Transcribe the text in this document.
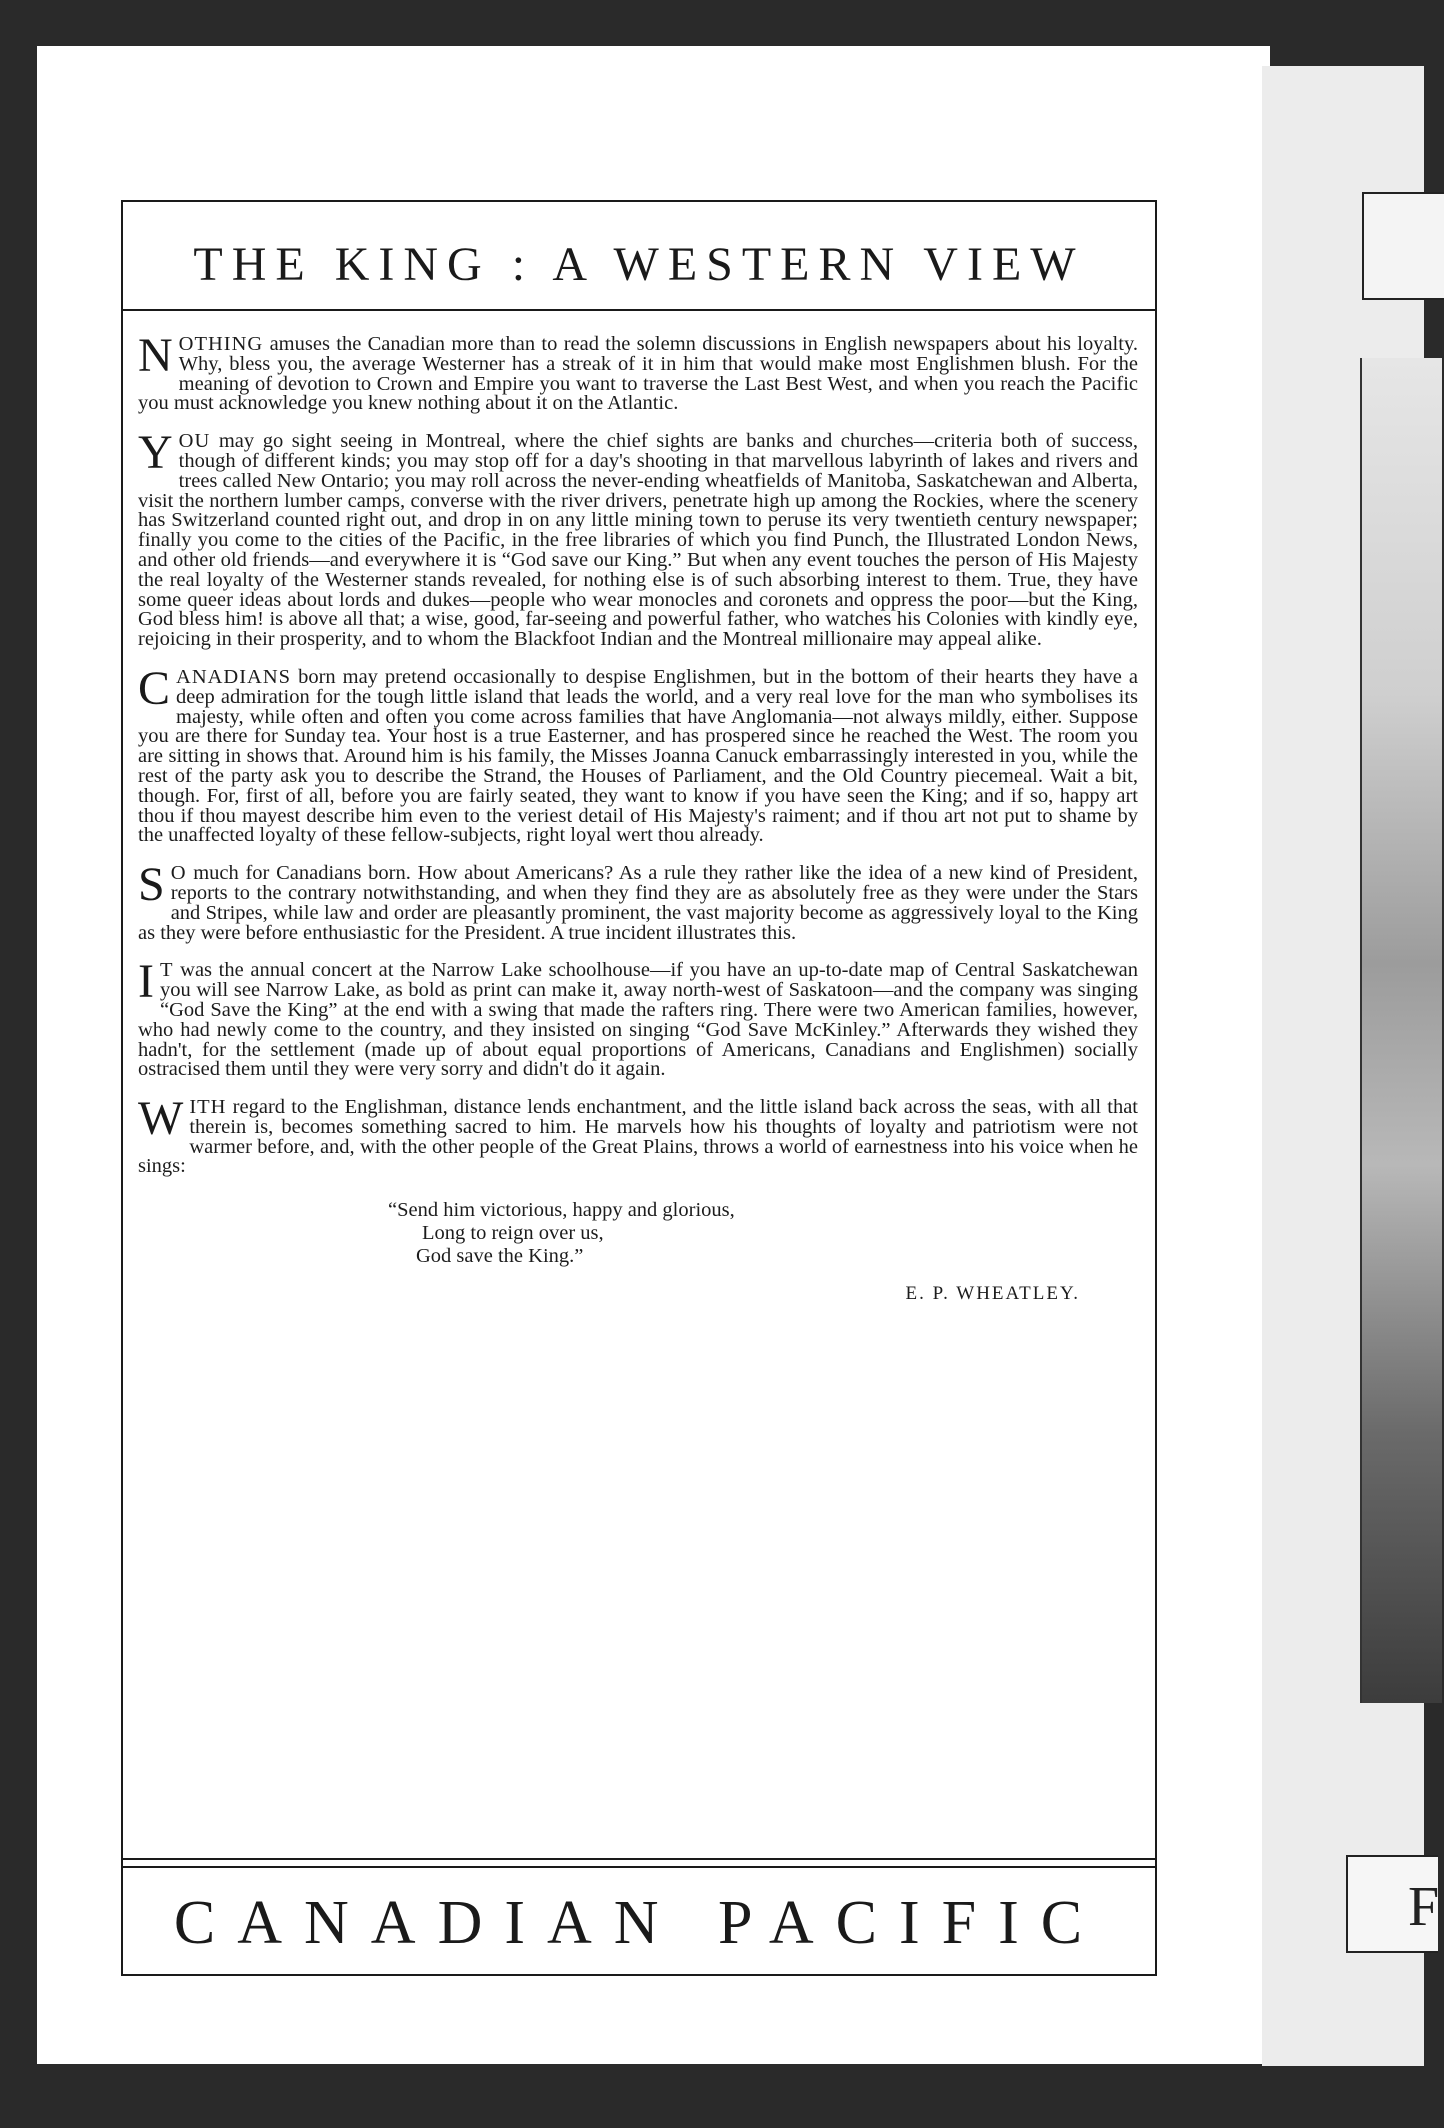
F
THE KING : A WESTERN VIEW

NOTHING amuses the Canadian more than to read the solemn discussions in English newspapers about his loyalty. Why, bless you, the average Westerner has a streak of it in him that would make most Englishmen blush. For the meaning of devotion to Crown and Empire you want to traverse the Last Best West, and when you reach the Pacific you must acknowledge you knew nothing about it on the Atlantic.

YOU may go sight seeing in Montreal, where the chief sights are banks and churches—criteria both of success, though of different kinds; you may stop off for a day's shooting in that marvellous labyrinth of lakes and rivers and trees called New Ontario; you may roll across the never-ending wheatfields of Manitoba, Saskatchewan and Alberta, visit the northern lumber camps, converse with the river drivers, penetrate high up among the Rockies, where the scenery has Switzerland counted right out, and drop in on any little mining town to peruse its very twentieth century newspaper; finally you come to the cities of the Pacific, in the free libraries of which you find Punch, the Illustrated London News, and other old friends—and everywhere it is “God save our King.” But when any event touches the person of His Majesty the real loyalty of the Westerner stands revealed, for nothing else is of such absorbing interest to them. True, they have some queer ideas about lords and dukes—people who wear monocles and coronets and oppress the poor—but the King, God bless him! is above all that; a wise, good, far-seeing and powerful father, who watches his Colonies with kindly eye, rejoicing in their prosperity, and to whom the Blackfoot Indian and the Montreal millionaire may appeal alike.

CANADIANS born may pretend occasionally to despise Englishmen, but in the bottom of their hearts they have a deep admiration for the tough little island that leads the world, and a very real love for the man who symbolises its majesty, while often and often you come across families that have Anglomania—not always mildly, either. Suppose you are there for Sunday tea. Your host is a true Easterner, and has prospered since he reached the West. The room you are sitting in shows that. Around him is his family, the Misses Joanna Canuck embarrassingly interested in you, while the rest of the party ask you to describe the Strand, the Houses of Parliament, and the Old Country piecemeal. Wait a bit, though. For, first of all, before you are fairly seated, they want to know if you have seen the King; and if so, happy art thou if thou mayest describe him even to the veriest detail of His Majesty's raiment; and if thou art not put to shame by the unaffected loyalty of these fellow-subjects, right loyal wert thou already.

S O much for Canadians born. How about Americans? As a rule they rather like the idea of a new kind of President, reports to the contrary notwithstanding, and when they find they are as absolutely free as they were under the Stars and Stripes, while law and order are pleasantly prominent, the vast majority become as aggressively loyal to the King as they were before enthusiastic for the President. A true incident illustrates this.

I T was the annual concert at the Narrow Lake schoolhouse—if you have an up-to-date map of Central Saskatchewan you will see Narrow Lake, as bold as print can make it, away north-west of Saskatoon—and the company was singing “God Save the King” at the end with a swing that made the rafters ring. There were two American families, however, who had newly come to the country, and they insisted on singing “God Save McKinley.” Afterwards they wished they hadn't, for the settlement (made up of about equal proportions of Americans, Canadians and Englishmen) socially ostracised them until they were very sorry and didn't do it again.

WITH regard to the Englishman, distance lends enchantment, and the little island back across the seas, with all that therein is, becomes something sacred to him. He marvels how his thoughts of loyalty and patriotism were not warmer before, and, with the other people of the Great Plains, throws a world of earnestness into his voice when he sings:

“Send him victorious, happy and glorious,
Long to reign over us,
God save the King.”
E. P. WHEATLEY.
CANADIAN PACIFIC
